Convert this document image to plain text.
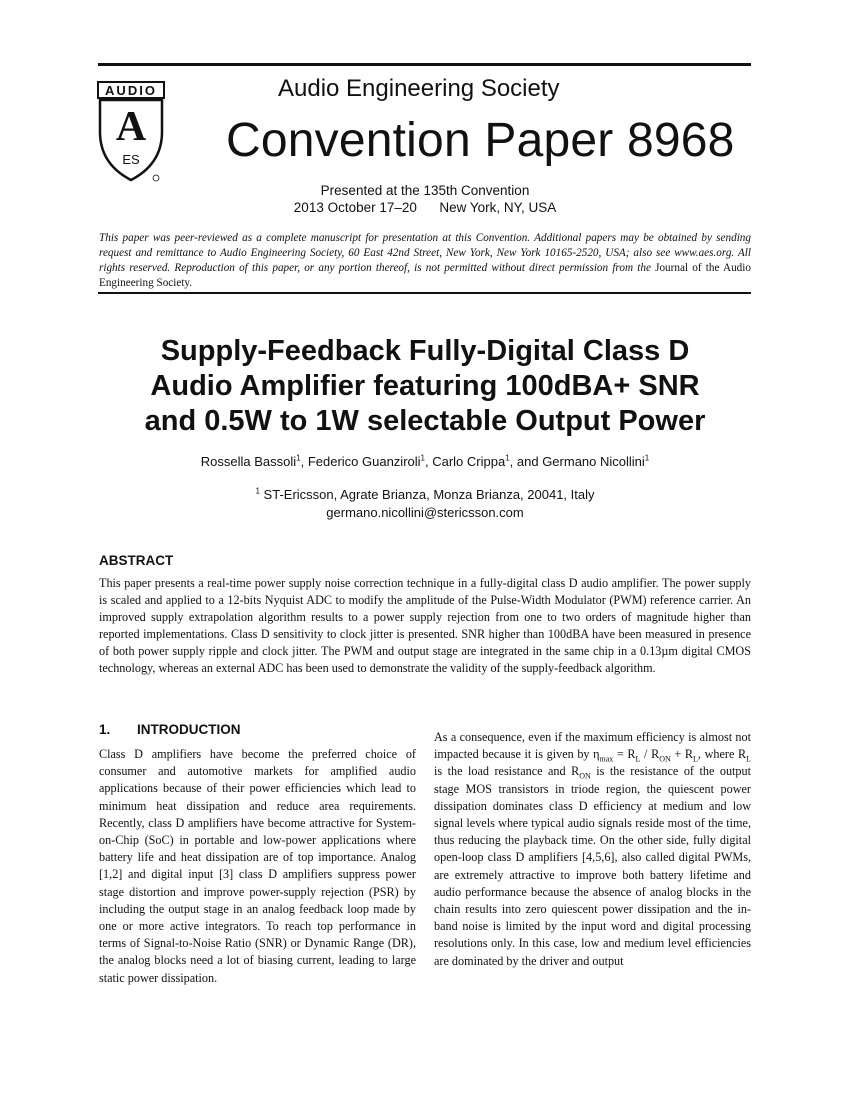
AUDIO
A
ES
Audio Engineering Society
Convention Paper 8968
Presented at the 135th Convention
2013 October 17–20      New York, NY, USA
This paper was peer-reviewed as a complete manuscript for presentation at this Convention. Additional papers may be obtained by sending request and remittance to Audio Engineering Society, 60 East 42nd Street, New York, New York 10165-2520, USA; also see www.aes.org. All rights reserved. Reproduction of this paper, or any portion thereof, is not permitted without direct permission from the Journal of the Audio Engineering Society.
Supply-Feedback Fully-Digital Class D
Audio Amplifier featuring 100dBA+ SNR
and 0.5W to 1W selectable Output Power
Rossella Bassoli$^1$, Federico Guanziroli$^1$, Carlo Crippa$^1$, and Germano Nicollini$^1$
$^1$ ST-Ericsson, Agrate Brianza, Monza Brianza, 20041, Italy
germano.nicollini@stericsson.com
ABSTRACT
This paper presents a real-time power supply noise correction technique in a fully-digital class D audio amplifier. The power supply is scaled and applied to a 12-bits Nyquist ADC to modify the amplitude of the Pulse-Width Modulator (PWM) reference carrier. An improved supply extrapolation algorithm results to a power supply rejection from one to two orders of magnitude higher than reported implementations. Class D sensitivity to clock jitter is presented. SNR higher than 100dBA have been measured in presence of both power supply ripple and clock jitter. The PWM and output stage are integrated in the same chip in a 0.13µm digital CMOS technology, whereas an external ADC has been used to demonstrate the validity of the supply-feedback algorithm.
1. INTRODUCTION
Class D amplifiers have become the preferred choice of consumer and automotive markets for amplified audio applications because of their power efficiencies which lead to minimum heat dissipation and reduce area requirements. Recently, class D amplifiers have become attractive for System-on-Chip (SoC) in portable and low-power applications where battery life and heat dissipation are of top importance. Analog [1,2] and digital input [3] class D amplifiers suppress power stage distortion and improve power-supply rejection (PSR) by including the output stage in an analog feedback loop made by one or more active integrators. To reach top performance in terms of Signal-to-Noise Ratio (SNR) or Dynamic Range (DR), the analog blocks need a lot of biasing current, leading to large static power dissipation.
As a consequence, even if the maximum efficiency is almost not impacted because it is given by $\eta_{max} = R_L / R_{ON} + R_L$, where $R_L$ is the load resistance and $R_{ON}$ is the resistance of the output stage MOS transistors in triode region, the quiescent power dissipation dominates class D efficiency at medium and low signal levels where typical audio signals reside most of the time, thus reducing the playback time. On the other side, fully digital open-loop class D amplifiers [4,5,6], also called digital PWMs, are extremely attractive to improve both battery lifetime and audio performance because the absence of analog blocks in the chain results into zero quiescent power dissipation and the in-band noise is limited by the input word and digital processing resolutions only. In this case, low and medium level efficiencies are dominated by the driver and output
